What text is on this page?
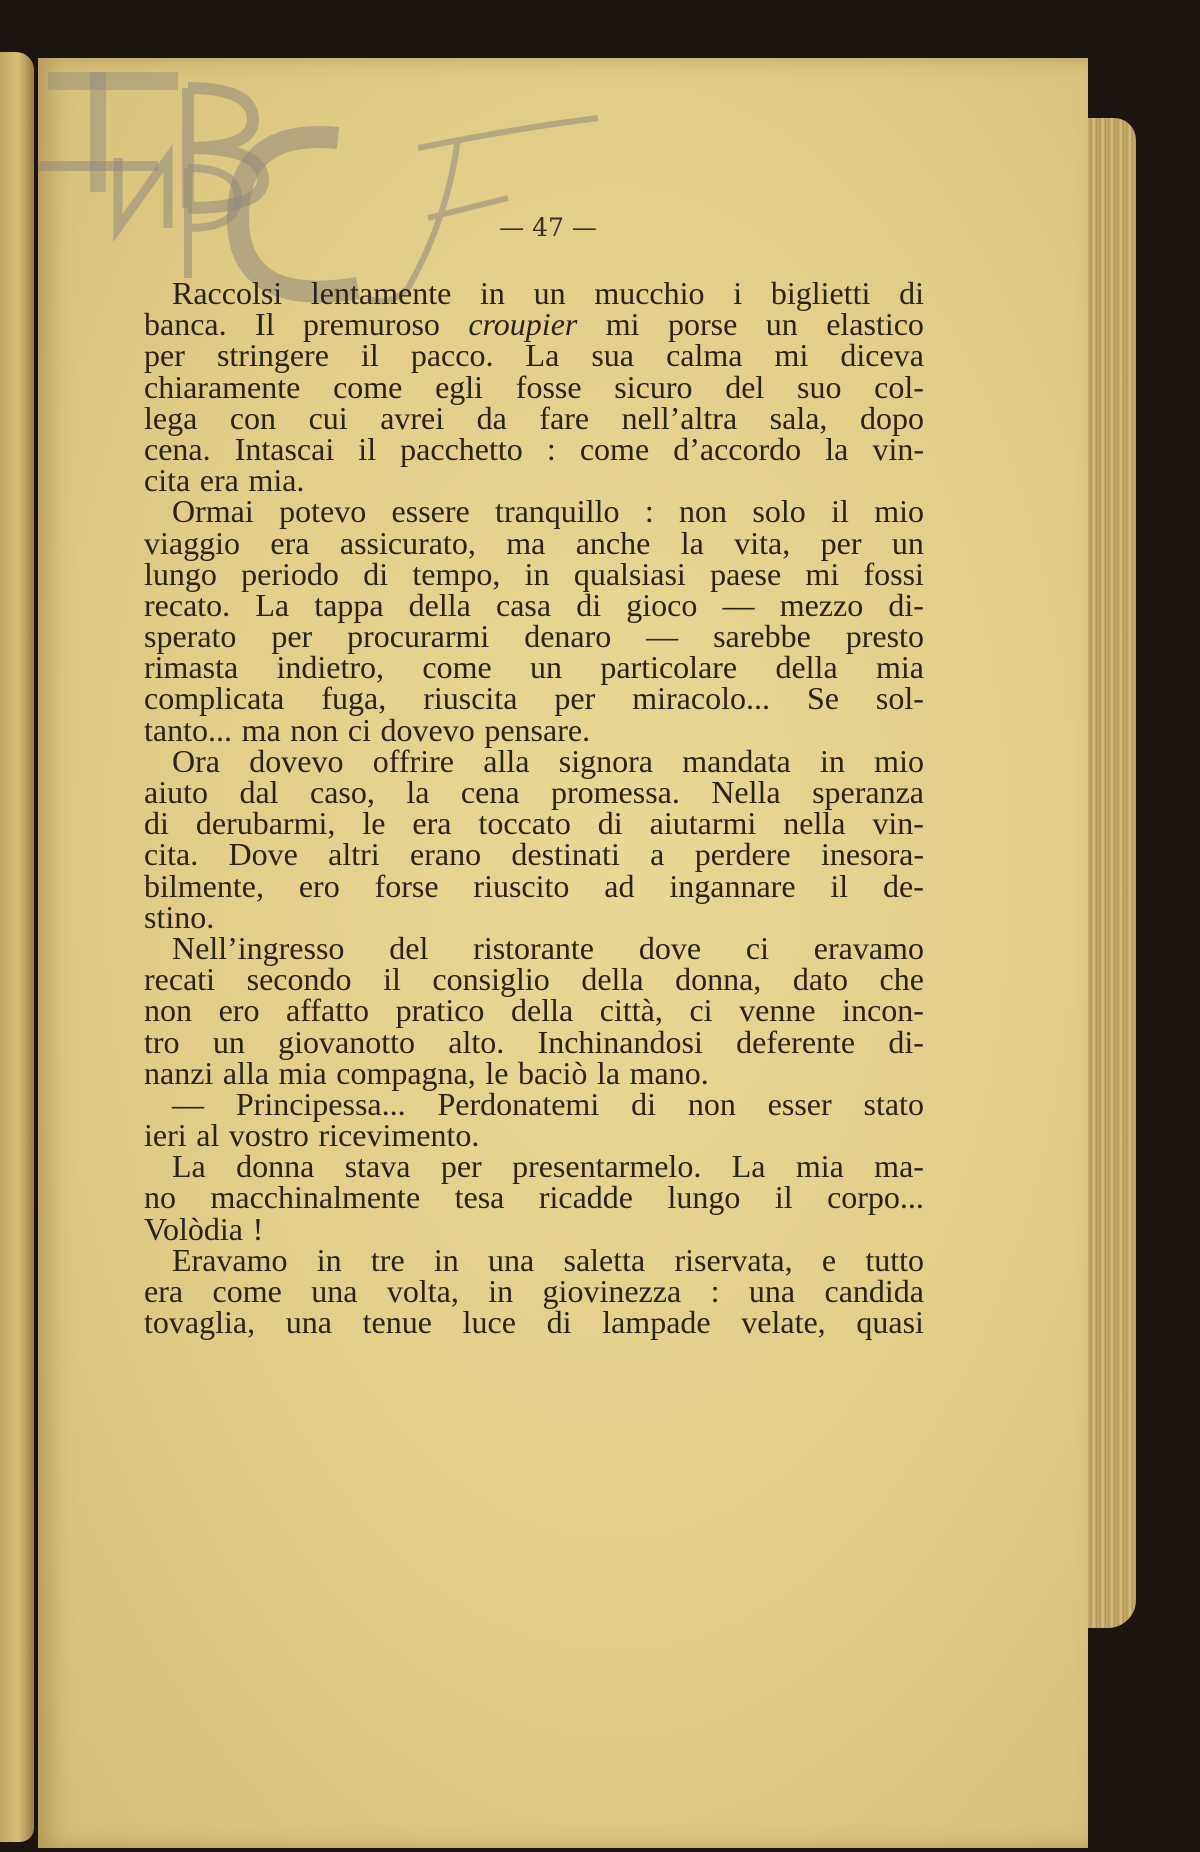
— 47 —
Raccolsi lentamente in un mucchio i biglietti di
banca. Il premuroso croupier mi porse un elastico
per stringere il pacco. La sua calma mi diceva
chiaramente come egli fosse sicuro del suo col-
lega con cui avrei da fare nell’altra sala, dopo
cena. Intascai il pacchetto : come d’accordo la vin-
cita era mia.
Ormai potevo essere tranquillo : non solo il mio
viaggio era assicurato, ma anche la vita, per un
lungo periodo di tempo, in qualsiasi paese mi fossi
recato. La tappa della casa di gioco — mezzo di-
sperato per procurarmi denaro — sarebbe presto
rimasta indietro, come un particolare della mia
complicata fuga, riuscita per miracolo... Se sol-
tanto... ma non ci dovevo pensare.
Ora dovevo offrire alla signora mandata in mio
aiuto dal caso, la cena promessa. Nella speranza
di derubarmi, le era toccato di aiutarmi nella vin-
cita. Dove altri erano destinati a perdere inesora-
bilmente, ero forse riuscito ad ingannare il de-
stino.
Nell’ingresso del ristorante dove ci eravamo
recati secondo il consiglio della donna, dato che
non ero affatto pratico della città, ci venne incon-
tro un giovanotto alto. Inchinandosi deferente di-
nanzi alla mia compagna, le baciò la mano.
— Principessa... Perdonatemi di non esser stato
ieri al vostro ricevimento.
La donna stava per presentarmelo. La mia ma-
no macchinalmente tesa ricadde lungo il corpo...
Volòdia !
Eravamo in tre in una saletta riservata, e tutto
era come una volta, in giovinezza : una candida
tovaglia, una tenue luce di lampade velate, quasi
